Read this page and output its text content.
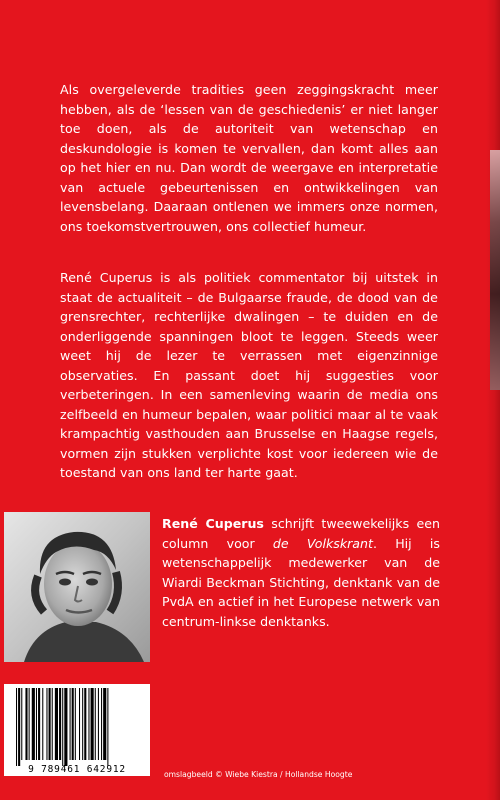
Als overgeleverde tradities geen zeggingskracht meer hebben, als de ‘lessen van de geschiedenis’ er niet langer toe doen, als de autoriteit van wetenschap en deskundologie is komen te vervallen, dan komt alles aan op het hier en nu. Dan wordt de weergave en interpretatie van actuele gebeurtenissen en ontwikkelingen van levensbelang. Daaraan ontlenen we immers onze normen, ons toekomstvertrouwen, ons collectief humeur.

René Cuperus is als politiek commentator bij uitstek in staat de actualiteit – de Bulgaarse fraude, de dood van de grensrechter, rechterlijke dwalingen – te duiden en de onderliggende spanningen bloot te leggen. Steeds weer weet hij de lezer te verrassen met eigenzinnige observaties. En passant doet hij suggesties voor verbeteringen. In een samenleving waarin de media ons zelfbeeld en humeur bepalen, waar politici maar al te vaak krampachtig vasthouden aan Brusselse en Haagse regels, vormen zijn stukken verplichte kost voor iedereen wie de toestand van ons land ter harte gaat.

René Cuperus schrijft tweewekelijks een column voor de Volkskrant. Hij is wetenschappelijk medewerker van de Wiardi Beckman Stichting, denktank van de PvdA en actief in het Europese netwerk van centrum-linkse denktanks.

9 789461 642912	omslagbeeld © Wiebe Kiestra / Hollandse Hoogte
